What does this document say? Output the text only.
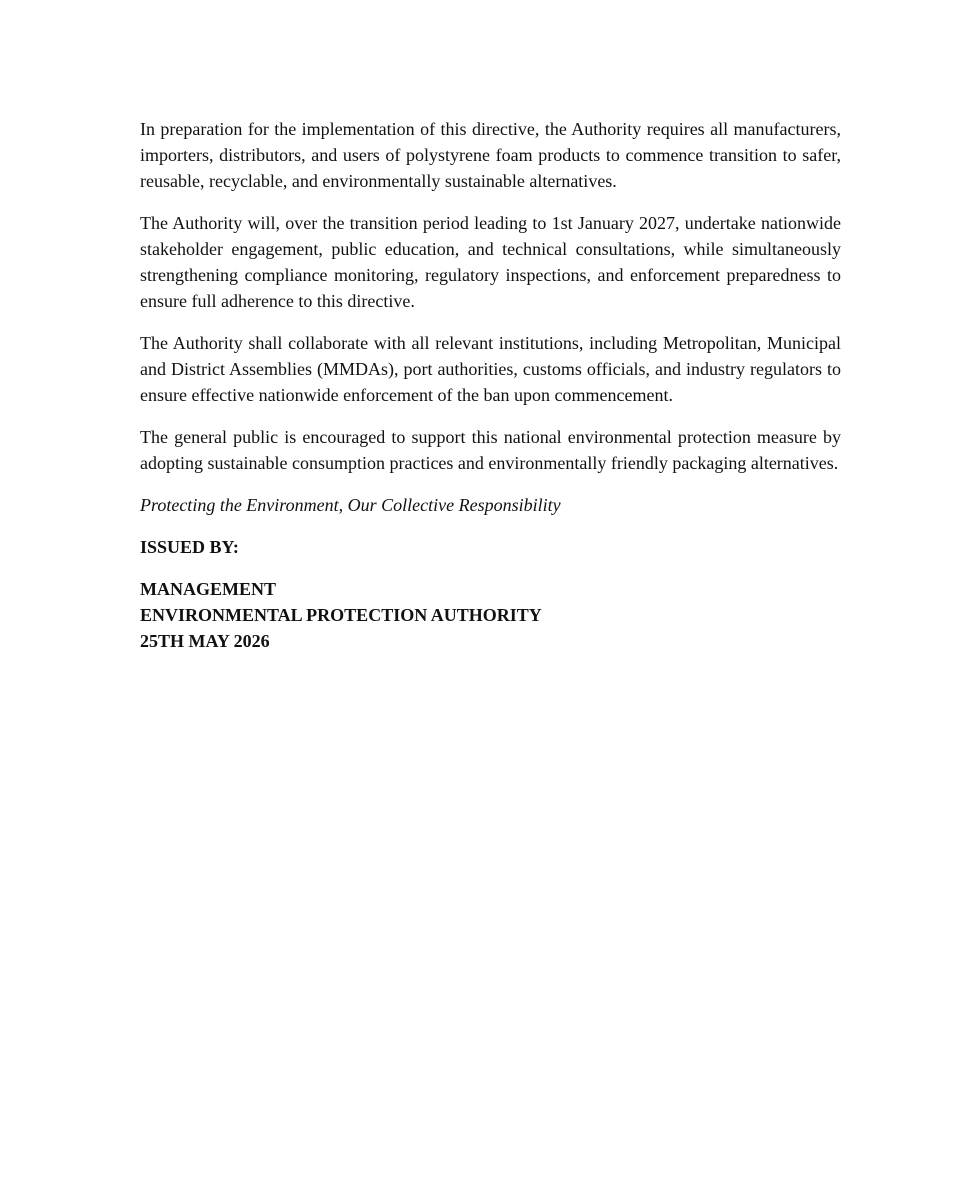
In preparation for the implementation of this directive, the Authority requires all manufacturers, importers, distributors, and users of polystyrene foam products to commence transition to safer, reusable, recyclable, and environmentally sustainable alternatives.

The Authority will, over the transition period leading to 1st January 2027, undertake nationwide stakeholder engagement, public education, and technical consultations, while simultaneously strengthening compliance monitoring, regulatory inspections, and enforcement preparedness to ensure full adherence to this directive.

The Authority shall collaborate with all relevant institutions, including Metropolitan, Municipal and District Assemblies (MMDAs), port authorities, customs officials, and industry regulators to ensure effective nationwide enforcement of the ban upon commencement.

The general public is encouraged to support this national environmental protection measure by adopting sustainable consumption practices and environmentally friendly packaging alternatives.

Protecting the Environment, Our Collective Responsibility

ISSUED BY:

MANAGEMENT
ENVIRONMENTAL PROTECTION AUTHORITY
25TH MAY 2026
